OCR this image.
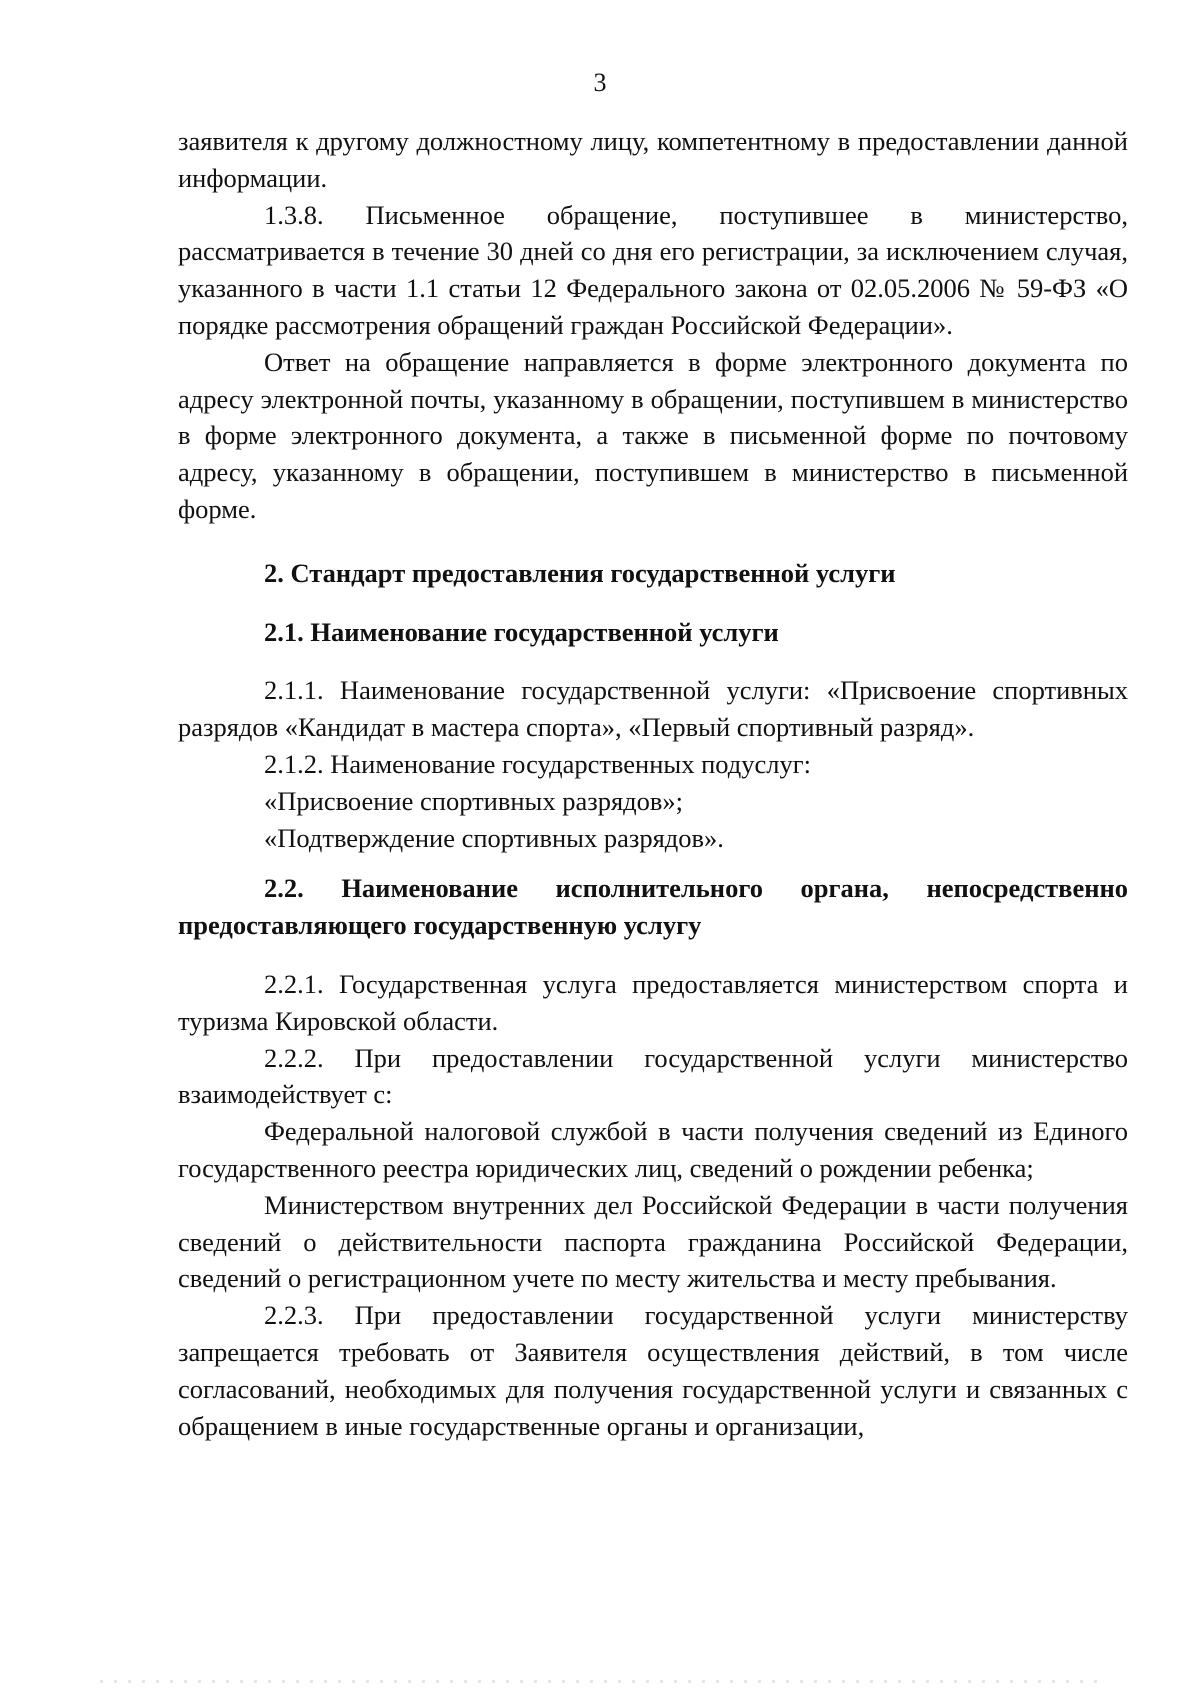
3

заявителя к другому должностному лицу, компетентному в предоставлении данной информации.

1.3.8. Письменное обращение, поступившее в министерство, рассматривается в течение 30 дней со дня его регистрации, за исключением случая, указанного в части 1.1 статьи 12 Федерального закона от 02.05.2006 № 59-ФЗ «О порядке рассмотрения обращений граждан Российской Федерации».

Ответ на обращение направляется в форме электронного документа по адресу электронной почты, указанному в обращении, поступившем в министерство в форме электронного документа, а также в письменной форме по почтовому адресу, указанному в обращении, поступившем в министерство в письменной форме.

2. Стандарт предоставления государственной услуги

2.1. Наименование государственной услуги

2.1.1. Наименование государственной услуги: «Присвоение спортивных разрядов «Кандидат в мастера спорта», «Первый спортивный разряд».

2.1.2. Наименование государственных подуслуг:

«Присвоение спортивных разрядов»;

«Подтверждение спортивных разрядов».

2.2. Наименование исполнительного органа, непосредственно предоставляющего государственную услугу

2.2.1. Государственная услуга предоставляется министерством спорта и туризма Кировской области.

2.2.2. При предоставлении государственной услуги министерство взаимодействует с:

Федеральной налоговой службой в части получения сведений из Единого государственного реестра юридических лиц, сведений о рождении ребенка;

Министерством внутренних дел Российской Федерации в части получения сведений о действительности паспорта гражданина Российской Федерации, сведений о регистрационном учете по месту жительства и месту пребывания.

2.2.3. При предоставлении государственной услуги министерству запрещается требовать от Заявителя осуществления действий, в том числе согласований, необходимых для получения государственной услуги и связанных с обращением в иные государственные органы и организации,
